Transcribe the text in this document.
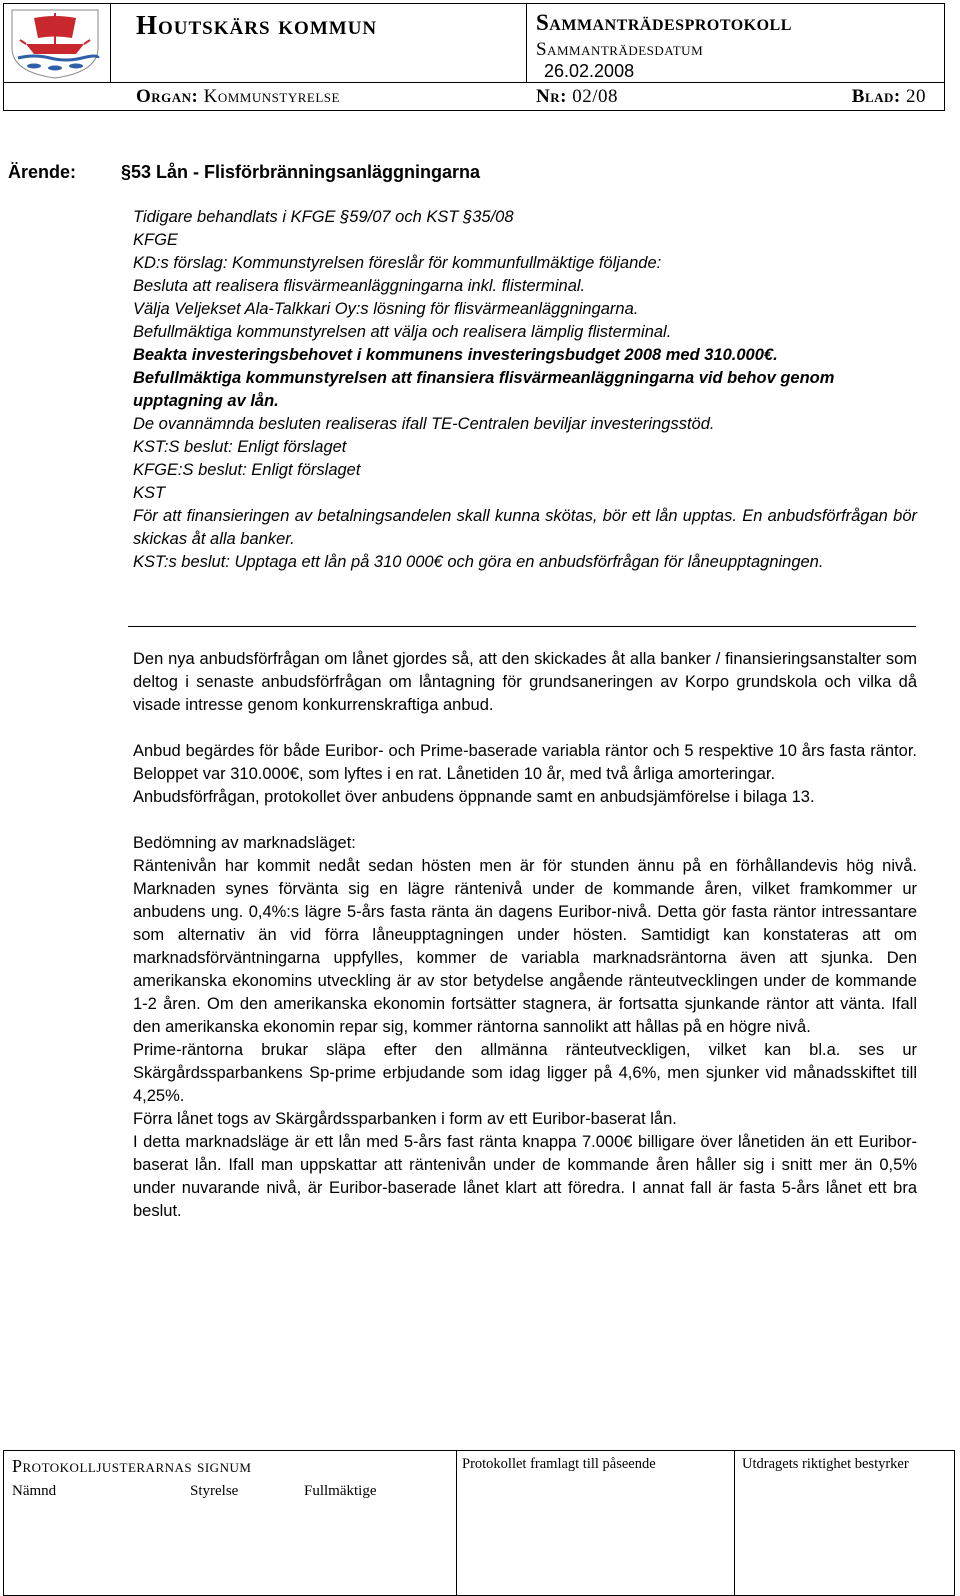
Houtskärs kommun	Sammanträdesprotokoll
Sammanträdesdatum
26.02.2008
Organ: Kommunstyrelse	Nr: 02/08	Blad: 20
Ärende: §53 Lån - Flisförbränningsanläggningarna

Tidigare behandlats i KFGE §59/07 och KST §35/08

KFGE

KD:s förslag: Kommunstyrelsen föreslår för kommunfullmäktige följande:

Besluta att realisera flisvärmeanläggningarna inkl. flisterminal.

Välja Veljekset Ala-Talkkari Oy:s lösning för flisvärmeanläggningarna.

Befullmäktiga kommunstyrelsen att välja och realisera lämplig flisterminal.

Beakta investeringsbehovet i kommunens investeringsbudget 2008 med 310.000€.

Befullmäktiga kommunstyrelsen att finansiera flisvärmeanläggningarna vid behov genom upptagning av lån.

De ovannämnda besluten realiseras ifall TE-Centralen beviljar investeringsstöd.

KST:S beslut: Enligt förslaget

KFGE:S beslut: Enligt förslaget

KST

För att finansieringen av betalningsandelen skall kunna skötas, bör ett lån upptas. En anbudsförfrågan bör skickas åt alla banker.

KST:s beslut: Upptaga ett lån på 310 000€ och göra en anbudsförfrågan för låneupptagningen.

Den nya anbudsförfrågan om lånet gjordes så, att den skickades åt alla banker / finansieringsanstalter som deltog i senaste anbudsförfrågan om låntagning för grundsaneringen av Korpo grundskola och vilka då visade intresse genom konkurrenskraftiga anbud.

Anbud begärdes för både Euribor- och Prime-baserade variabla räntor och 5 respektive 10 års fasta räntor. Beloppet var 310.000€, som lyftes i en rat. Lånetiden 10 år, med två årliga amorteringar.

Anbudsförfrågan, protokollet över anbudens öppnande samt en anbudsjämförelse i bilaga 13.

Bedömning av marknadsläget:

Räntenivån har kommit nedåt sedan hösten men är för stunden ännu på en förhållandevis hög nivå. Marknaden synes förvänta sig en lägre räntenivå under de kommande åren, vilket framkommer ur anbudens ung. 0,4%:s lägre 5-års fasta ränta än dagens Euribor-nivå. Detta gör fasta räntor intressantare som alternativ än vid förra låneupptagningen under hösten. Samtidigt kan konstateras att om marknadsförväntningarna uppfylles, kommer de variabla marknadsräntorna även att sjunka. Den amerikanska ekonomins utveckling är av stor betydelse angående ränteutvecklingen under de kommande 1-2 åren. Om den amerikanska ekonomin fortsätter stagnera, är fortsatta sjunkande räntor att vänta. Ifall den amerikanska ekonomin repar sig, kommer räntorna sannolikt att hållas på en högre nivå.

Prime-räntorna brukar släpa efter den allmänna ränteutveckligen, vilket kan bl.a. ses ur Skärgårdssparbankens Sp-prime erbjudande som idag ligger på 4,6%, men sjunker vid månadsskiftet till 4,25%.

Förra lånet togs av Skärgårdssparbanken i form av ett Euribor-baserat lån.

I detta marknadsläge är ett lån med 5-års fast ränta knappa 7.000€ billigare över lånetiden än ett Euribor-baserat lån. Ifall man uppskattar att räntenivån under de kommande åren håller sig i snitt mer än 0,5% under nuvarande nivå, är Euribor-baserade lånet klart att föredra. I annat fall är fasta 5-års lånet ett bra beslut.

Protokolljusterarnas signum
Nämnd	Styrelse	Fullmäktige
Protokollet framlagt till påseende	Utdragets riktighet bestyrker
